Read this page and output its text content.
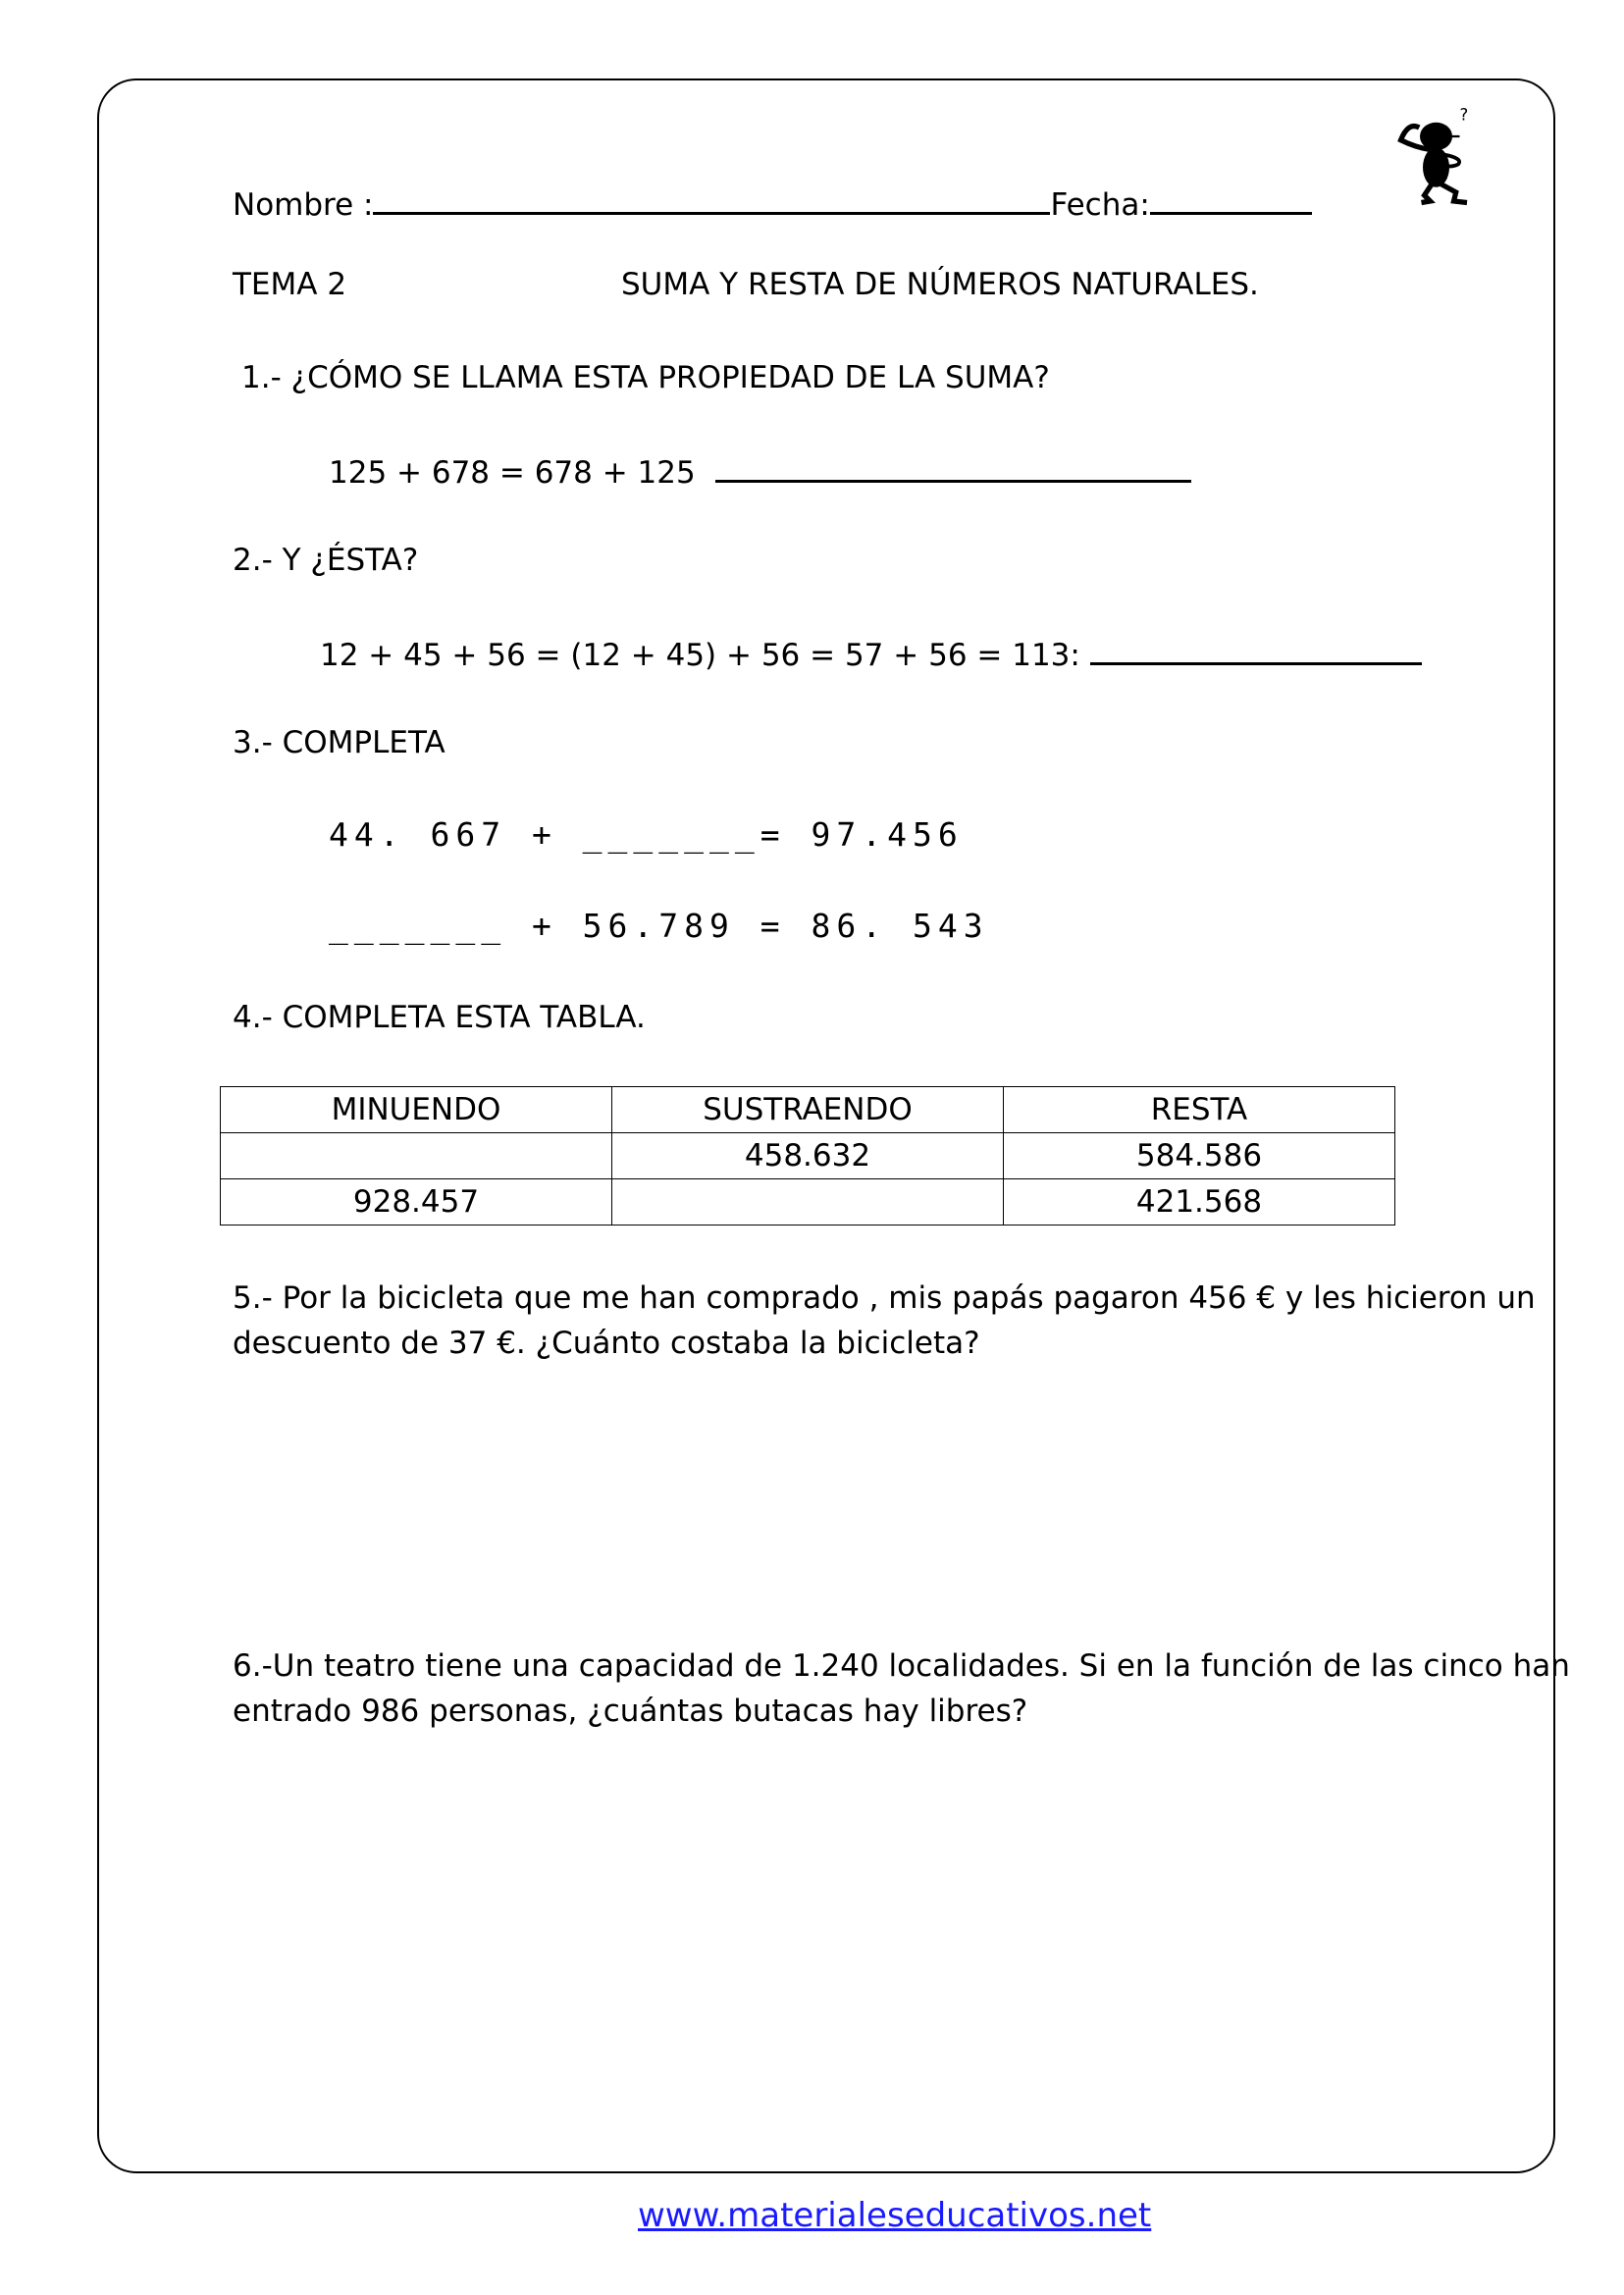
?
Nombre :	Fecha:
TEMA 2	SUMA Y RESTA DE NÚMEROS NATURALES.
1.- ¿CÓMO SE LLAMA ESTA PROPIEDAD DE LA SUMA?
125 + 678 = 678 + 125
2.- Y ¿ÉSTA?
12 + 45 + 56 = (12 + 45) + 56 = 57 + 56 = 113:
3.- COMPLETA
44. 667 + _______= 97.456
_______ + 56.789 = 86. 543
4.- COMPLETA ESTA TABLA.
MINUENDO	SUSTRAENDO	RESTA
	458.632	584.586
928.457		421.568
5.- Por la bicicleta que me han comprado , mis papás pagaron 456 € y les hicieron un
descuento de 37 €. ¿Cuánto costaba la bicicleta?
6.-Un teatro tiene una capacidad de 1.240 localidades. Si en la función de las cinco han
entrado 986 personas, ¿cuántas butacas hay libres?
www.materialeseducativos.net
